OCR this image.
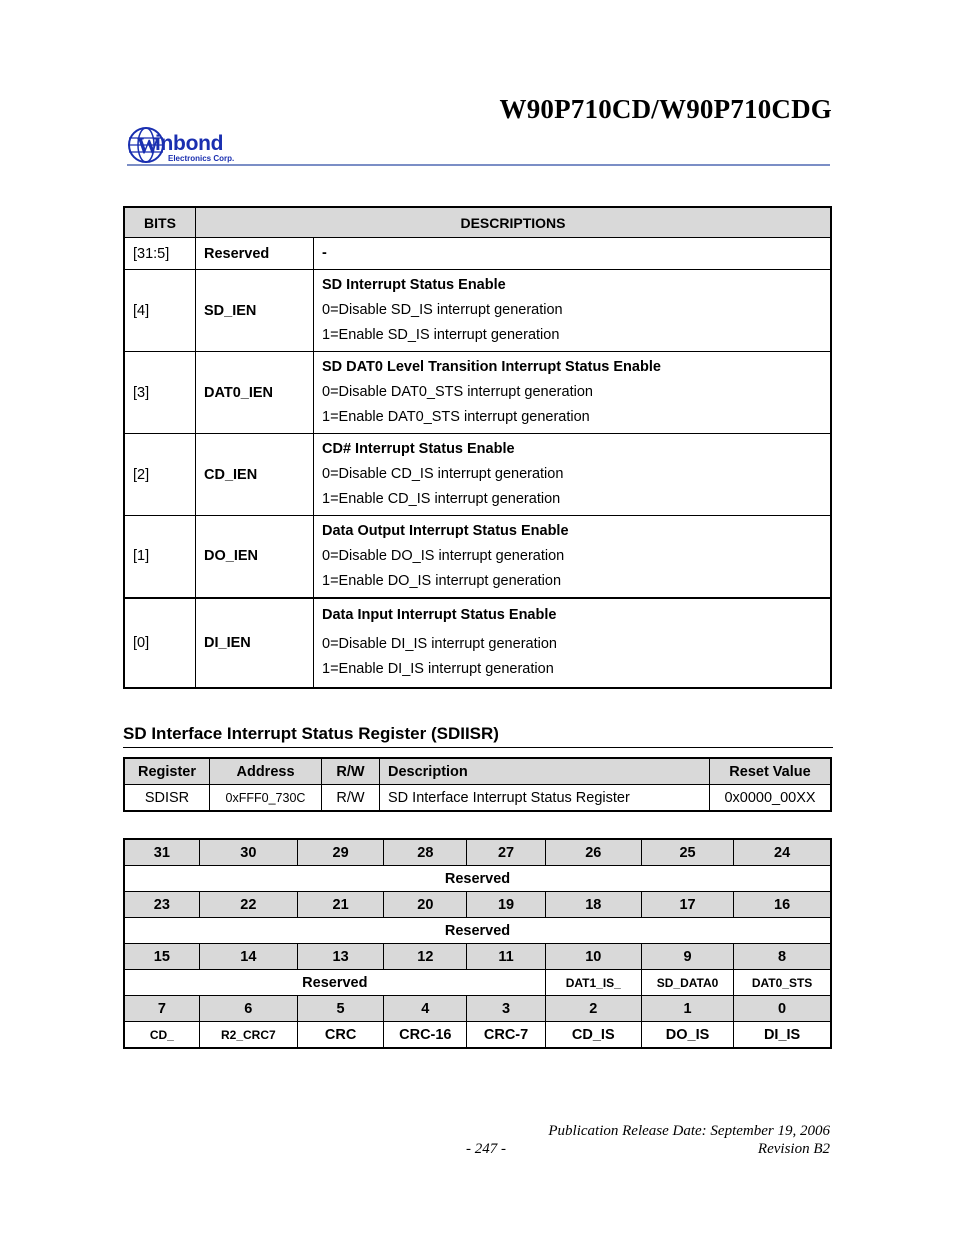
W90P710CD/W90P710CDG
W
inbond
Electronics Corp.
BITS	DESCRIPTIONS	
[31:5]	Reserved	-

[4]	SD_IEN	SD Interrupt Status Enable
0=Disable SD_IS interrupt generation
1=Enable SD_IS interrupt generation

[3]	DAT0_IEN	SD DAT0 Level Transition Interrupt Status Enable
0=Disable DAT0_STS interrupt generation
1=Enable DAT0_STS interrupt generation

[2]	CD_IEN	CD# Interrupt Status Enable
0=Disable CD_IS interrupt generation
1=Enable CD_IS interrupt generation

[1]	DO_IEN	Data Output Interrupt Status Enable
0=Disable DO_IS interrupt generation
1=Enable DO_IS interrupt generation

[0]	DI_IEN	Data Input Interrupt Status Enable
0=Disable DI_IS interrupt generation
1=Enable DI_IS interrupt generation
SD Interface Interrupt Status Register (SDIISR)
Register	Address	R/W	Description	Reset Value
SDISR	0xFFF0_730C	R/W	SD Interface Interrupt Status Register	0x0000_00XX
31	30	29	28	27	26	25	24
Reserved							
23	22	21	20	19	18	17	16
Reserved							
15	14	13	12	11	10	9	8
Reserved					DAT1_IS_	SD_DATA0	DAT0_STS
7	6	5	4	3	2	1	0
CD_	R2_CRC7	CRC	CRC-16	CRC-7	CD_IS	DO_IS	DI_IS
Publication Release Date: September 19, 2006
- 247 -	Revision B2
